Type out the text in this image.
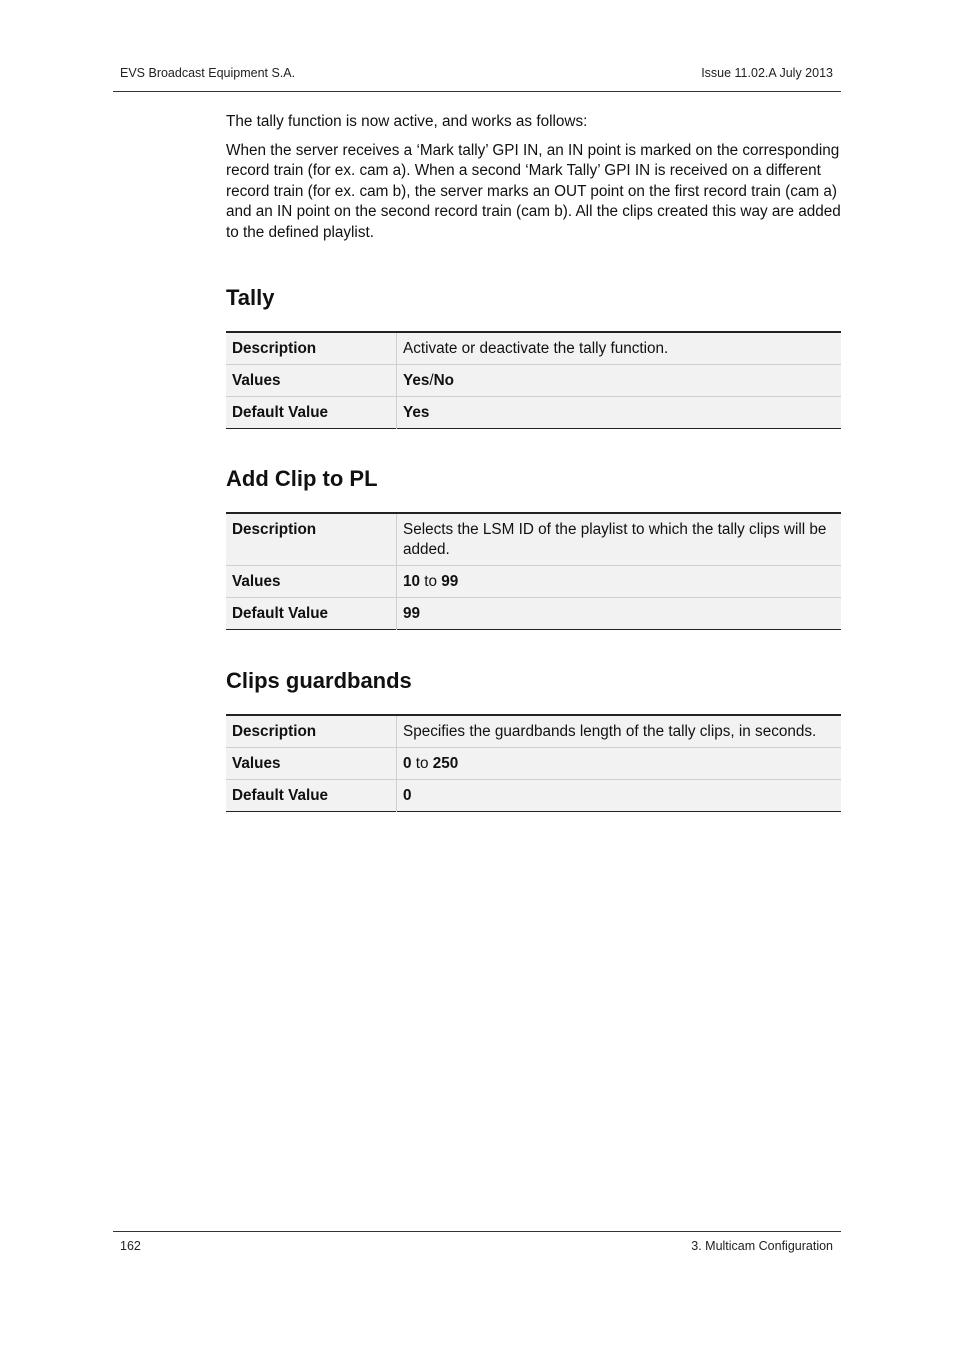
EVS Broadcast Equipment S.A.	Issue 11.02.A July 2013

The tally function is now active, and works as follows:

When the server receives a ‘Mark tally’ GPI IN, an IN point is marked on the corresponding record train (for ex. cam a). When a second ‘Mark Tally’ GPI IN is received on a different record train (for ex. cam b), the server marks an OUT point on the first record train (cam a) and an IN point on the second record train (cam b). All the clips created this way are added to the defined playlist.

Tally
Description	Activate or deactivate the tally function.
Values	Yes/No
Default Value	Yes
Add Clip to PL
Description	Selects the LSM ID of the playlist to which the tally clips will be added.
Values	10 to 99
Default Value	99
Clips guardbands
Description	Specifies the guardbands length of the tally clips, in seconds.
Values	0 to 250
Default Value	0
162	3. Multicam Configuration
